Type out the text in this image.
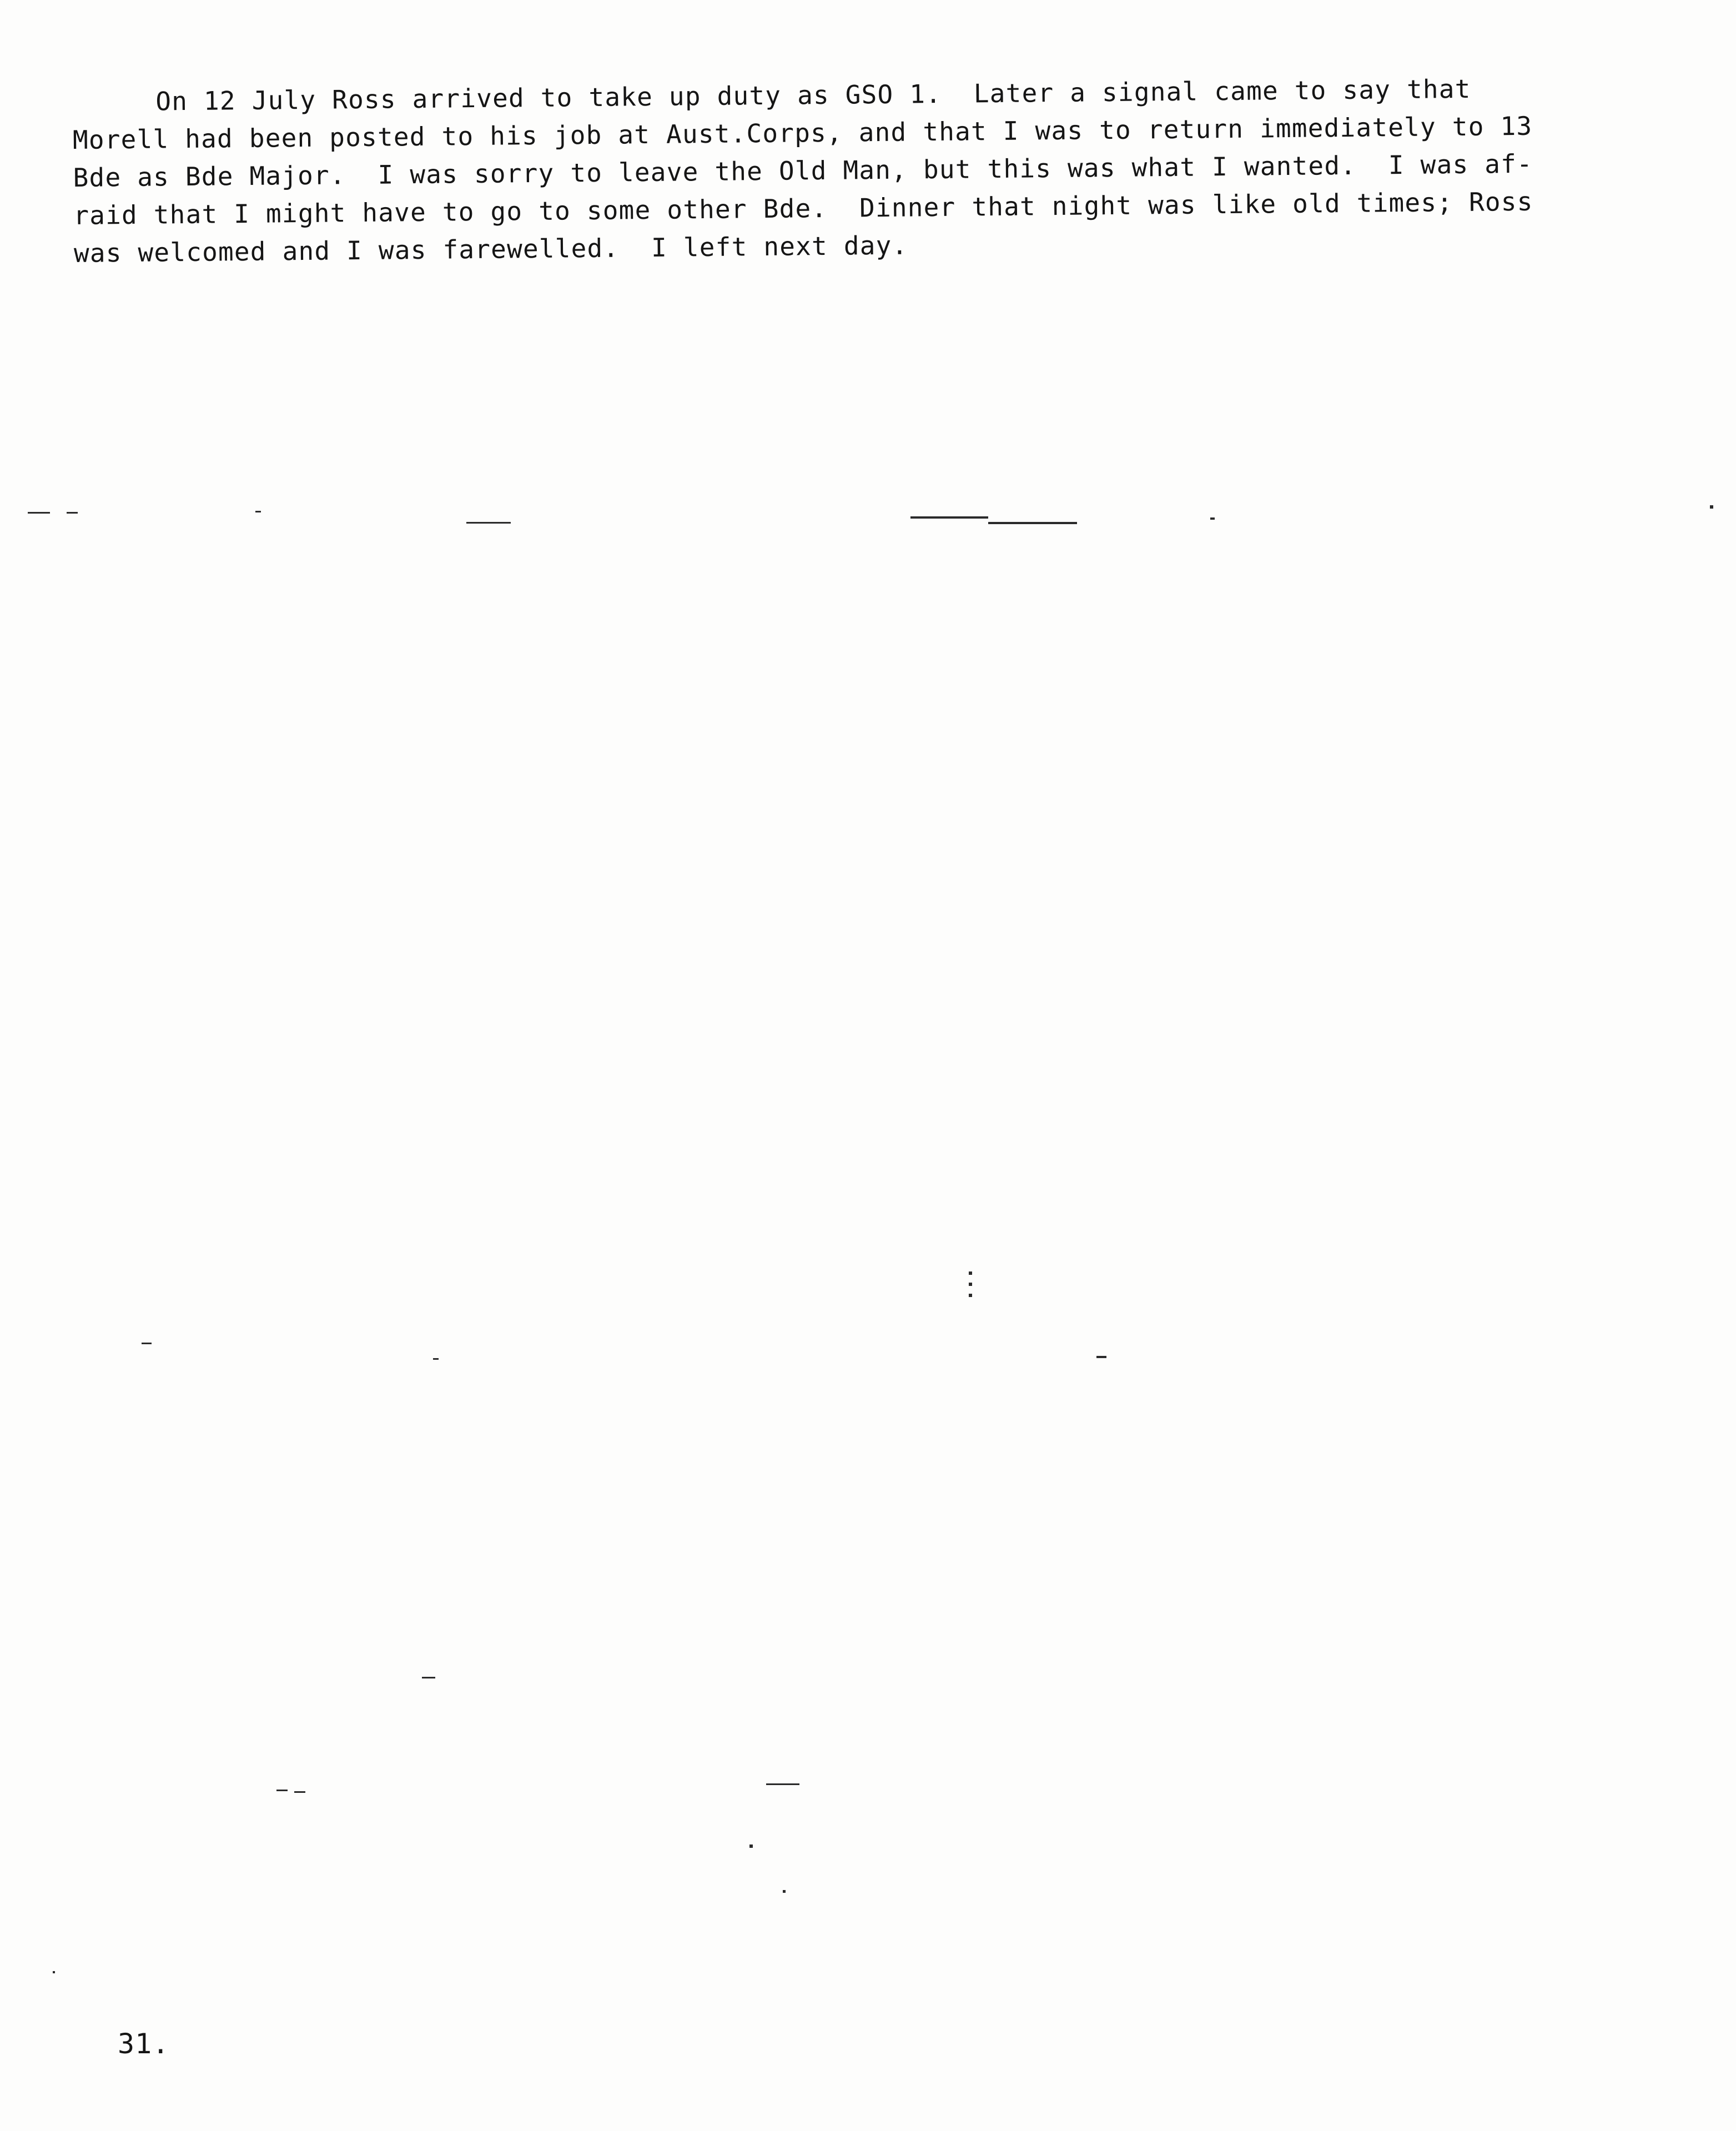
On 12 July Ross arrived to take up duty as GSO 1.  Later a signal came to say that
Morell had been posted to his job at Aust.Corps, and that I was to return immediately to 13
Bde as Bde Major.  I was sorry to leave the Old Man, but this was what I wanted.  I was af-
raid that I might have to go to some other Bde.  Dinner that night was like old times; Ross
was welcomed and I was farewelled.  I left next day.
31.
